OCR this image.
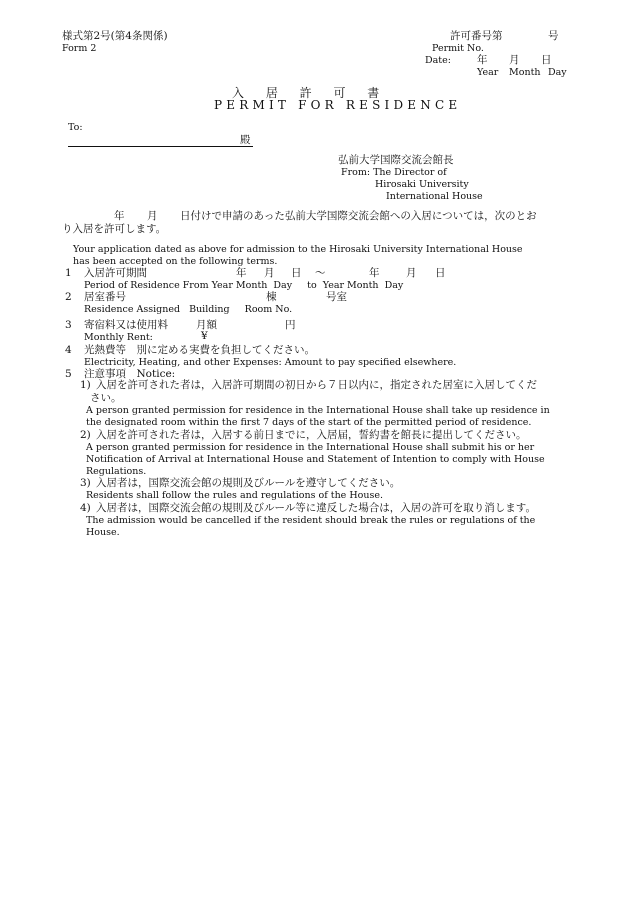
様式第2号(第4条関係)
Form 2
許可番号第	号
Permit No.
Date: 年 月 日
Year Month Day
入 居 許 可 書
PERMIT FOR RESIDENCE
To:
殿
弘前大学国際交流会館長
From: The Director of
Hirosaki University
International House
年 月 日付けで申請のあった弘前大学国際交流会館への入居については，次のとお
り入居を許可します。
Your application dated as above for admission to the Hirosaki University International House
has been accepted on the following terms.
1 入居許可期間	年 月 日 ～	年	月 日
Period of Residence From Year Month  Day     to  Year Month  Day
2 居室番号	棟	号室
Residence Assigned   Building     Room No.
3 寄宿料又は使用料	月額	円
Monthly Rent:	¥
4 光熱費等　別に定める実費を負担してください。
Electricity, Heating, and other Expenses: Amount to pay specified elsewhere.
5 注意事項　Notice:
1) 入居を許可された者は，入居許可期間の初日から７日以内に，指定された居室に入居してくだ
さい。
A person granted permission for residence in the International House shall take up residence in
the designated room within the first 7 days of the start of the permitted period of residence.
2) 入居を許可された者は，入居する前日までに，入居届，誓約書を館長に提出してください。
A person granted permission for residence in the International House shall submit his or her
Notification of Arrival at International House and Statement of Intention to comply with House
Regulations.
3) 入居者は，国際交流会館の規則及びルールを遵守してください。
Residents shall follow the rules and regulations of the House.
4) 入居者は，国際交流会館の規則及びルール等に違反した場合は，入居の許可を取り消します。
The admission would be cancelled if the resident should break the rules or regulations of the
House.
